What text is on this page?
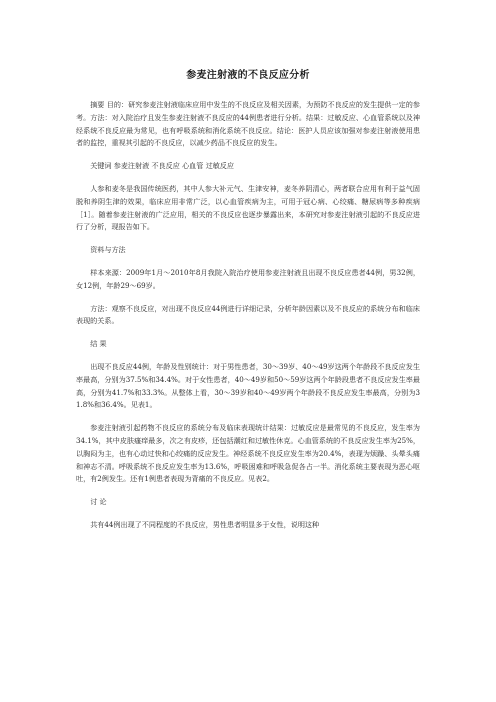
参麦注射液的不良反应分析

摘要 目的：研究参麦注射液临床应用中发生的不良反应及相关因素，为预防不良反应的发生提供一定的参考。方法：对入院治疗且发生参麦注射液不良反应的44例患者进行分析。结果：过敏反应、心血管系统以及神经系统不良反应最为常见，也有呼吸系统和消化系统不良反应。结论：医护人员应该加强对参麦注射液使用患者的监控，重视其引起的不良反应，以减少药品不良反应的发生。

关键词 参麦注射液 不良反应 心血管 过敏反应

人参和麦冬是我国传统医药，其中人参大补元气、生津安神，麦冬养阴清心，两者联合应用有利于益气固脱和养阴生津的效果，临床应用非常广泛，以心血管疾病为主，可用于冠心病、心绞痛、糖尿病等多种疾病［1］。随着参麦注射液的广泛应用，相关的不良反应也逐步暴露出来，本研究对参麦注射液引起的不良反应进行了分析，现报告如下。

资料与方法

样本来源：2009年1月～2010年8月我院入院治疗使用参麦注射液且出现不良反应患者44例，男32例，女12例，年龄29～69岁。

方法：观察不良反应，对出现不良反应44例进行详细记录，分析年龄因素以及不良反应的系统分布和临床表现的关系。

结 果

出现不良反应44例，年龄及性别统计：对于男性患者，30～39岁、40～49岁这两个年龄段不良反应发生率最高，分别为37.5%和34.4%。对于女性患者，40～49岁和50～59岁这两个年龄段患者不良反应发生率最高，分别为41.7%和33.3%。从整体上看，30～39岁和40～49岁两个年龄段不良反应发生率最高，分别为31.8%和36.4%。见表1。

参麦注射液引起药物不良反应的系统分布及临床表现统计结果：过敏反应是最常见的不良反应，发生率为34.1%，其中皮肤瘙痒最多，次之有皮疹，还包括潮红和过敏性休克。心血管系统的不良反应发生率为25%，以胸闷为主，也有心动过快和心绞痛的反应发生。神经系统不良反应发生率为20.4%，表现为烦躁、头晕头痛和神志不清。呼吸系统不良反应发生率为13.6%，呼吸困难和呼吸急促各占一半。消化系统主要表现为恶心呕吐，有2例发生。还有1例患者表现为背痛的不良反应。见表2。

讨 论

共有44例出现了不同程度的不良反应，男性患者明显多于女性，说明这种
